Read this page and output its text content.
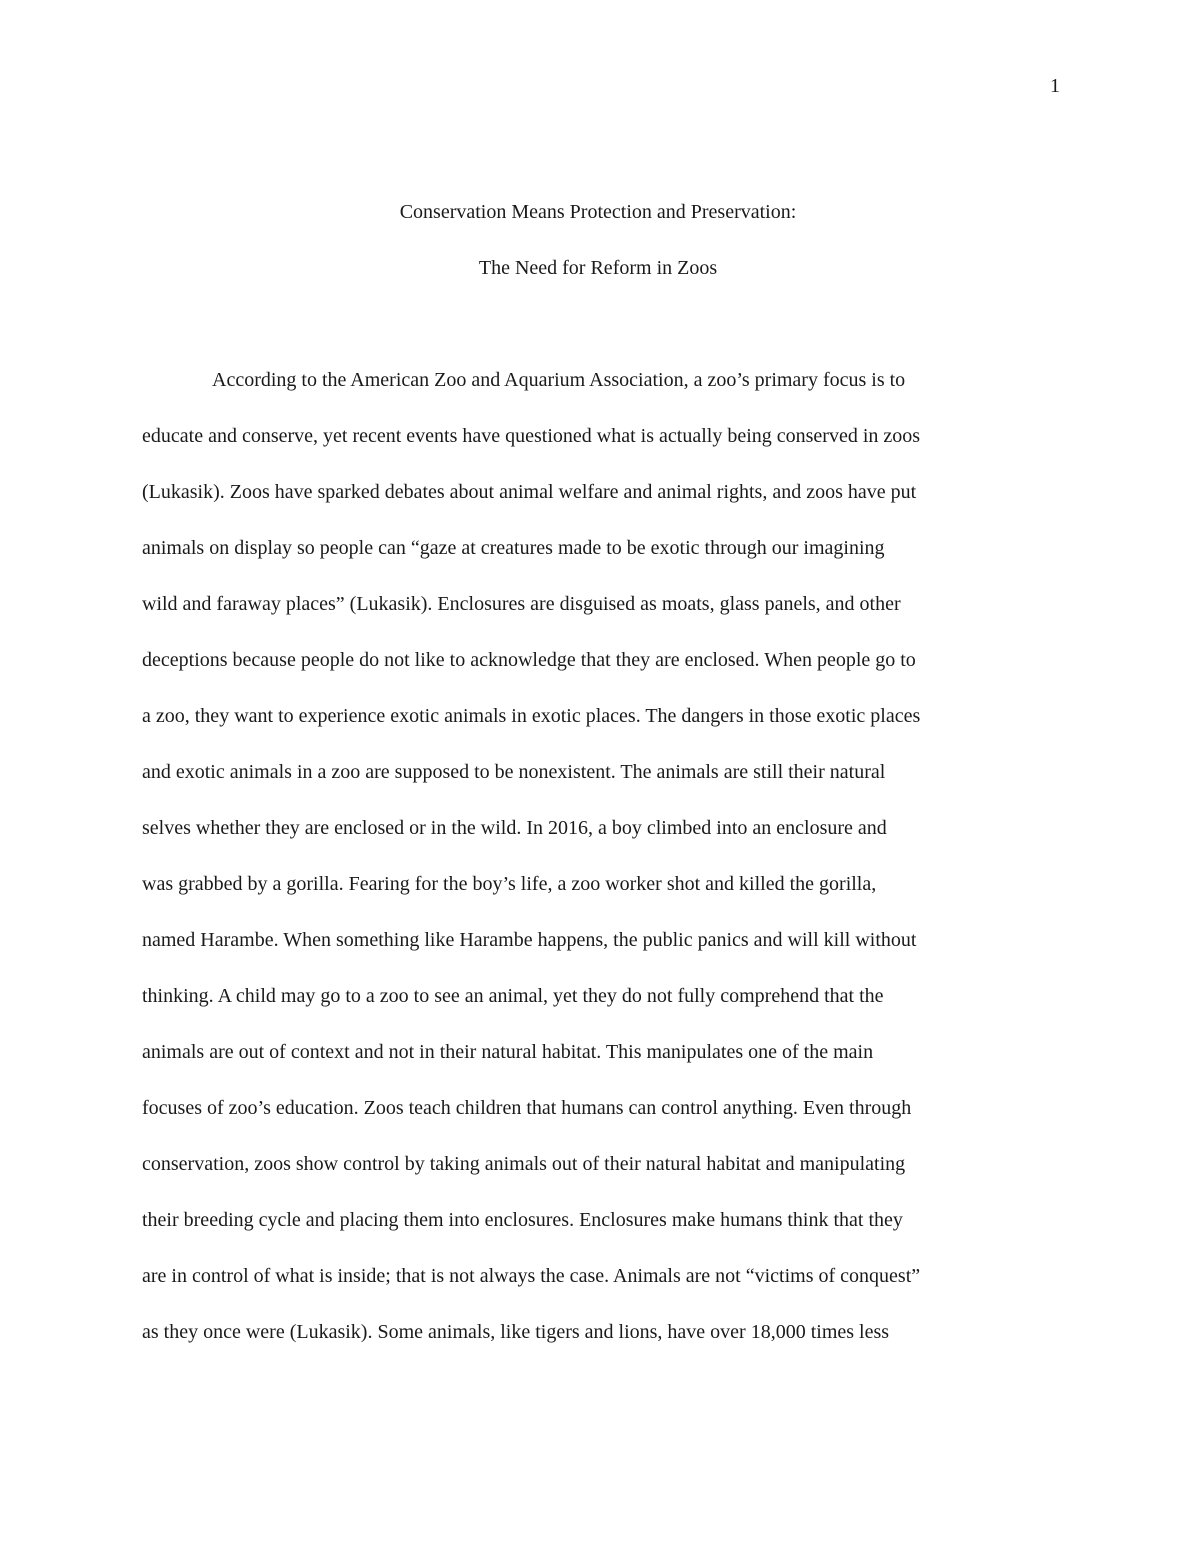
1
Conservation Means Protection and Preservation:
The Need for Reform in Zoos
According to the American Zoo and Aquarium Association, a zoo’s primary focus is to
educate and conserve, yet recent events have questioned what is actually being conserved in zoos
(Lukasik). Zoos have sparked debates about animal welfare and animal rights, and zoos have put
animals on display so people can “gaze at creatures made to be exotic through our imagining
wild and faraway places” (Lukasik). Enclosures are disguised as moats, glass panels, and other
deceptions because people do not like to acknowledge that they are enclosed. When people go to
a zoo, they want to experience exotic animals in exotic places. The dangers in those exotic places
and exotic animals in a zoo are supposed to be nonexistent. The animals are still their natural
selves whether they are enclosed or in the wild. In 2016, a boy climbed into an enclosure and
was grabbed by a gorilla. Fearing for the boy’s life, a zoo worker shot and killed the gorilla,
named Harambe. When something like Harambe happens, the public panics and will kill without
thinking. A child may go to a zoo to see an animal, yet they do not fully comprehend that the
animals are out of context and not in their natural habitat. This manipulates one of the main
focuses of zoo’s education. Zoos teach children that humans can control anything. Even through
conservation, zoos show control by taking animals out of their natural habitat and manipulating
their breeding cycle and placing them into enclosures. Enclosures make humans think that they
are in control of what is inside; that is not always the case. Animals are not “victims of conquest”
as they once were (Lukasik). Some animals, like tigers and lions, have over 18,000 times less
